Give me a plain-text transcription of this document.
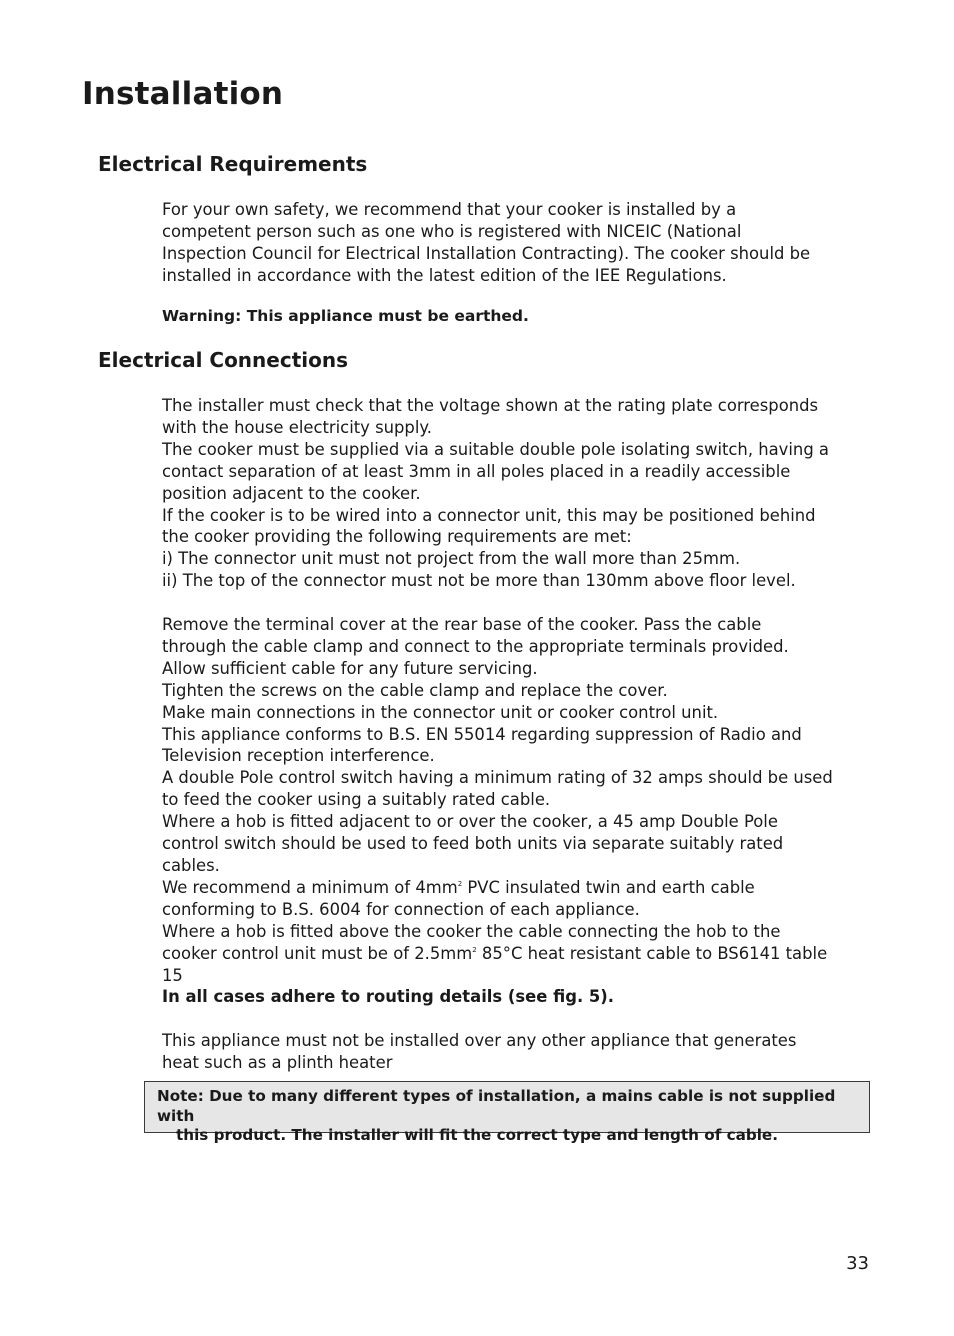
Installation
Electrical Requirements

For your own safety, we recommend that your cooker is installed by a

competent person such as one who is registered with NICEIC (National

Inspection Council for Electrical Installation Contracting). The cooker should be

installed in accordance with the latest edition of the IEE Regulations.

Warning: This appliance must be earthed.

Electrical Connections

The installer must check that the voltage shown at the rating plate corresponds

with the house electricity supply.

The cooker must be supplied via a suitable double pole isolating switch, having a

contact separation of at least 3mm in all poles placed in a readily accessible

position adjacent to the cooker.

If the cooker is to be wired into a connector unit, this may be positioned behind

the cooker providing the following requirements are met:

i) The connector unit must not project from the wall more than 25mm.

ii) The top of the connector must not be more than 130mm above floor level.

Remove the terminal cover at the rear base of the cooker. Pass the cable

through the cable clamp and connect to the appropriate terminals provided.

Allow sufficient cable for any future servicing.

Tighten the screws on the cable clamp and replace the cover.

Make main connections in the connector unit or cooker control unit.

This appliance conforms to B.S. EN 55014 regarding suppression of Radio and

Television reception interference.

A double Pole control switch having a minimum rating of 32 amps should be used

to feed the cooker using a suitably rated cable.

Where a hob is fitted adjacent to or over the cooker, a 45 amp Double Pole

control switch should be used to feed both units via separate suitably rated

cables.

We recommend a minimum of $4mm^2$ PVC insulated twin and earth cable

conforming to B.S. 6004 for connection of each appliance.

Where a hob is fitted above the cooker the cable connecting the hob to the

cooker control unit must be of $2.5mm^2$ 85°C heat resistant cable to BS6141 table

15

In all cases adhere to routing details (see fig. 5).

This appliance must not be installed over any other appliance that generates

heat such as a plinth heater

Note: Due to many different types of installation, a mains cable is not supplied with
this product. The installer will fit the correct type and length of cable.

33
